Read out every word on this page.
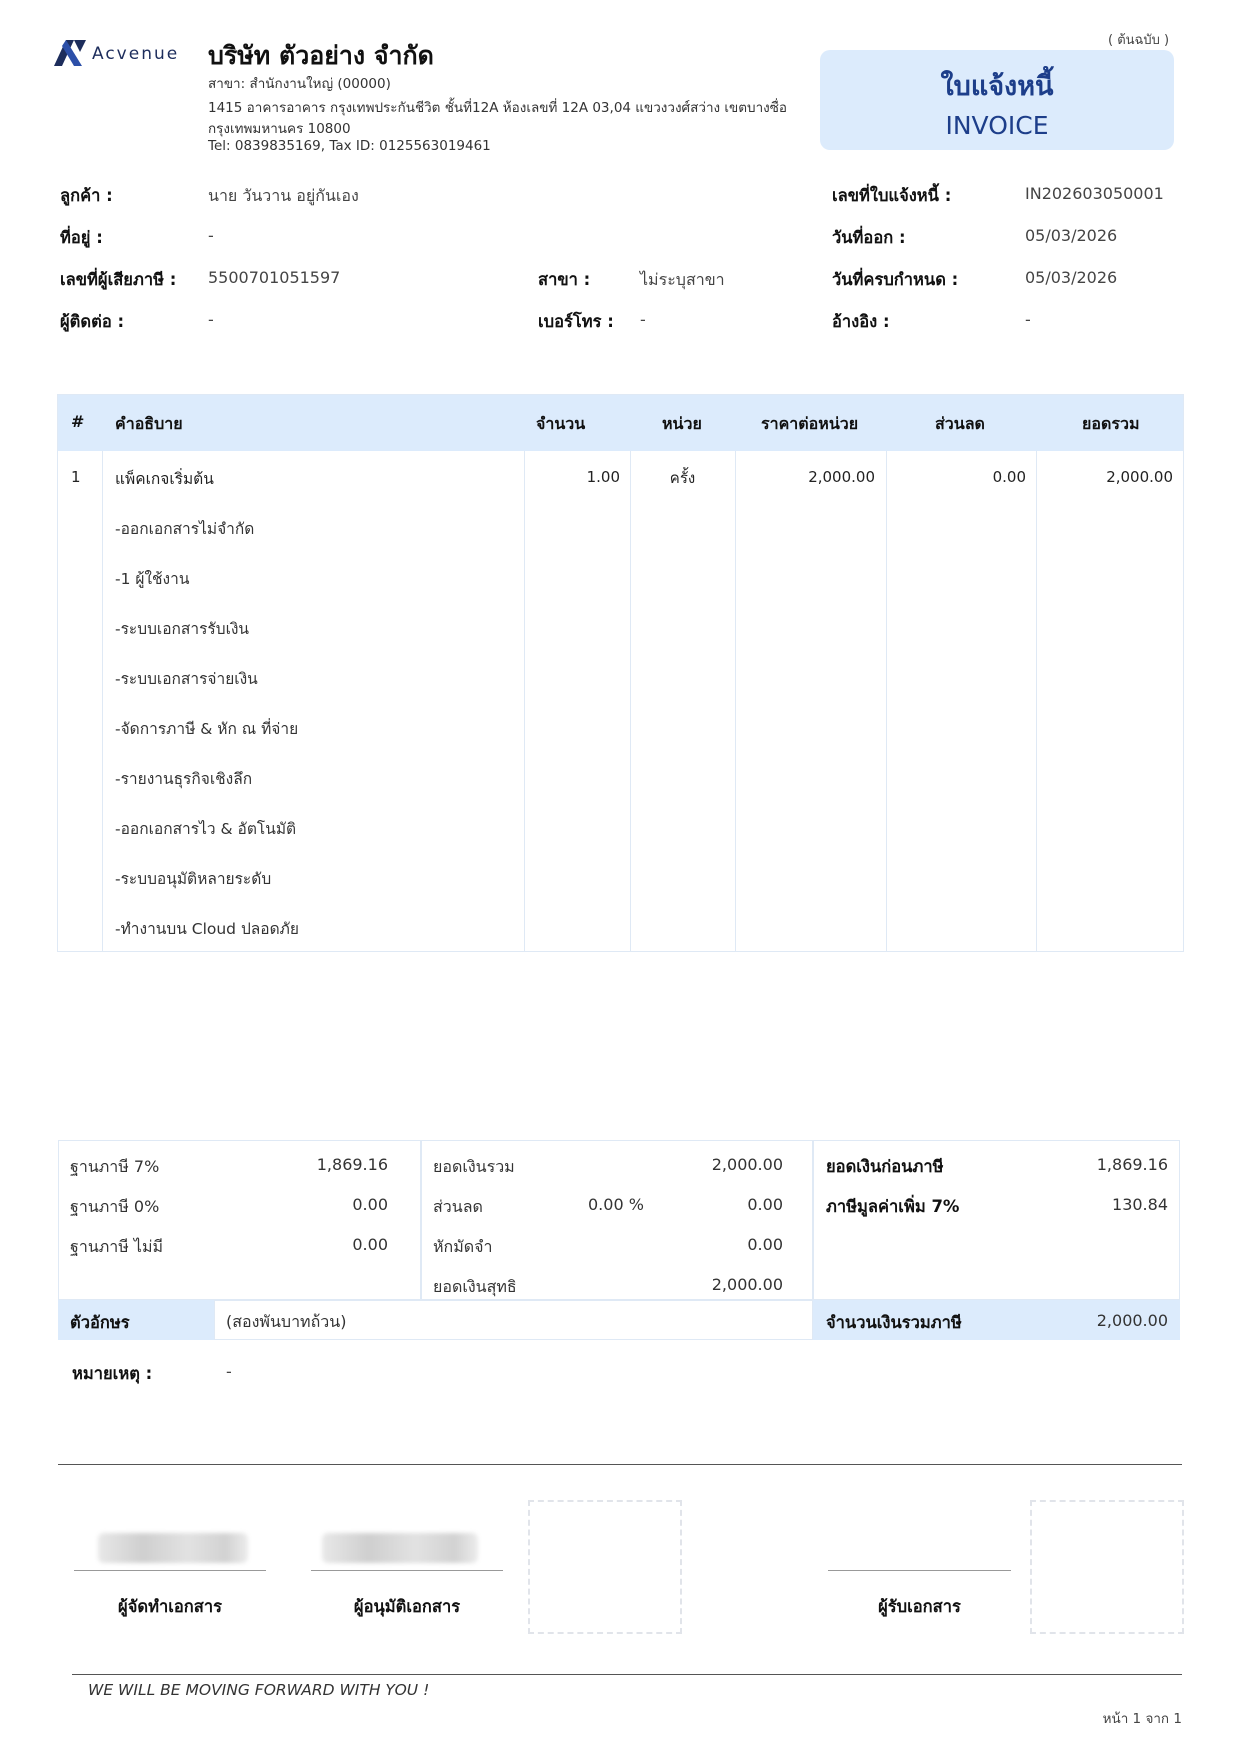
Acvenue บริษัท ตัวอย่าง จำกัด
สาขา: สำนักงานใหญ่ (00000)
1415 อาคารอาคาร กรุงเทพประกันชีวิต ชั้นที่12A ห้องเลขที่ 12A 03,04 แขวงวงศ์สว่าง เขตบางซื่อ
กรุงเทพมหานคร 10800
Tel: 0839835169, Tax ID: 0125563019461
( ต้นฉบับ )
ใบแจ้งหนี้
INVOICE
ลูกค้า :	นาย วันวาน อยู่กันเอง
ที่อยู่ :	-
เลขที่ผู้เสียภาษี : 5500701051597
ผู้ติดต่อ :	-
สาขา :	ไม่ระบุสาขา
เบอร์โทร : -
เลขที่ใบแจ้งหนี้ :	IN202603050001
วันที่ออก :	05/03/2026
วันที่ครบกำหนด :	05/03/2026
อ้างอิง :	-
# คำอธิบาย	จำนวน	หน่วย	ราคาต่อหน่วย	ส่วนลด	ยอดรวม
1 แพ็คเกจเริ่มต้น	1.00	ครั้ง	2,000.00	0.00	2,000.00
-ออกเอกสารไม่จำกัด
-1 ผู้ใช้งาน
-ระบบเอกสารรับเงิน
-ระบบเอกสารจ่ายเงิน
-จัดการภาษี & หัก ณ ที่จ่าย
-รายงานธุรกิจเชิงลึก
-ออกเอกสารไว & อัตโนมัติ
-ระบบอนุมัติหลายระดับ
-ทำงานบน Cloud ปลอดภัย
ฐานภาษี 7%	1,869.16
ฐานภาษี 0%	0.00
ฐานภาษี ไม่มี	0.00
ยอดเงินรวม	2,000.00
ส่วนลด	0.00 %	0.00
หักมัดจำ	0.00
ยอดเงินสุทธิ	2,000.00
ยอดเงินก่อนภาษี	1,869.16
ภาษีมูลค่าเพิ่ม 7%	130.84
ตัวอักษร	(สองพันบาทถ้วน)	จำนวนเงินรวมภาษี	2,000.00
หมายเหตุ :	-
ผู้จัดทำเอกสาร	ผู้อนุมัติเอกสาร	ผู้รับเอกสาร
WE WILL BE MOVING FORWARD WITH YOU !
หน้า 1 จาก 1
